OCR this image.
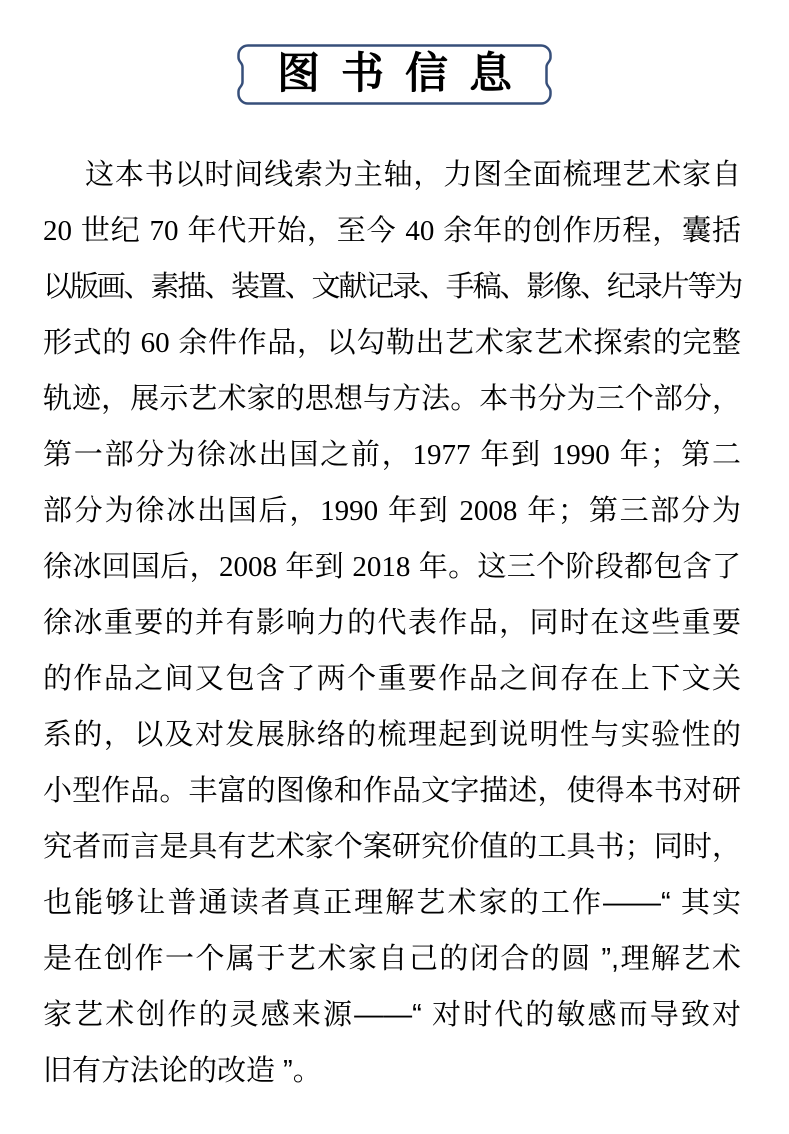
图书信息

这本书以时间线索为主轴，力图全面梳理艺术家自

20 世纪 70 年代开始，至今 40 余年的创作历程，囊括

以版画、素描、装置、文献记录、手稿、影像、纪录片等为

形式的 60 余件作品，以勾勒出艺术家艺术探索的完整

轨迹，展示艺术家的思想与方法。本书分为三个部分，

第一部分为徐冰出国之前，1977 年到 1990 年；第二

部分为徐冰出国后，1990 年到 2008 年；第三部分为

徐冰回国后，2008 年到 2018 年。这三个阶段都包含了

徐冰重要的并有影响力的代表作品，同时在这些重要

的作品之间又包含了两个重要作品之间存在上下文关

系的，以及对发展脉络的梳理起到说明性与实验性的

小型作品。丰富的图像和作品文字描述，使得本书对研

究者而言是具有艺术家个案研究价值的工具书；同时，

也能够让普通读者真正理解艺术家的工作——“ 其实

是在创作一个属于艺术家自己的闭合的圆 ”,理解艺术

家艺术创作的灵感来源——“ 对时代的敏感而导致对

旧有方法论的改造 ”。
